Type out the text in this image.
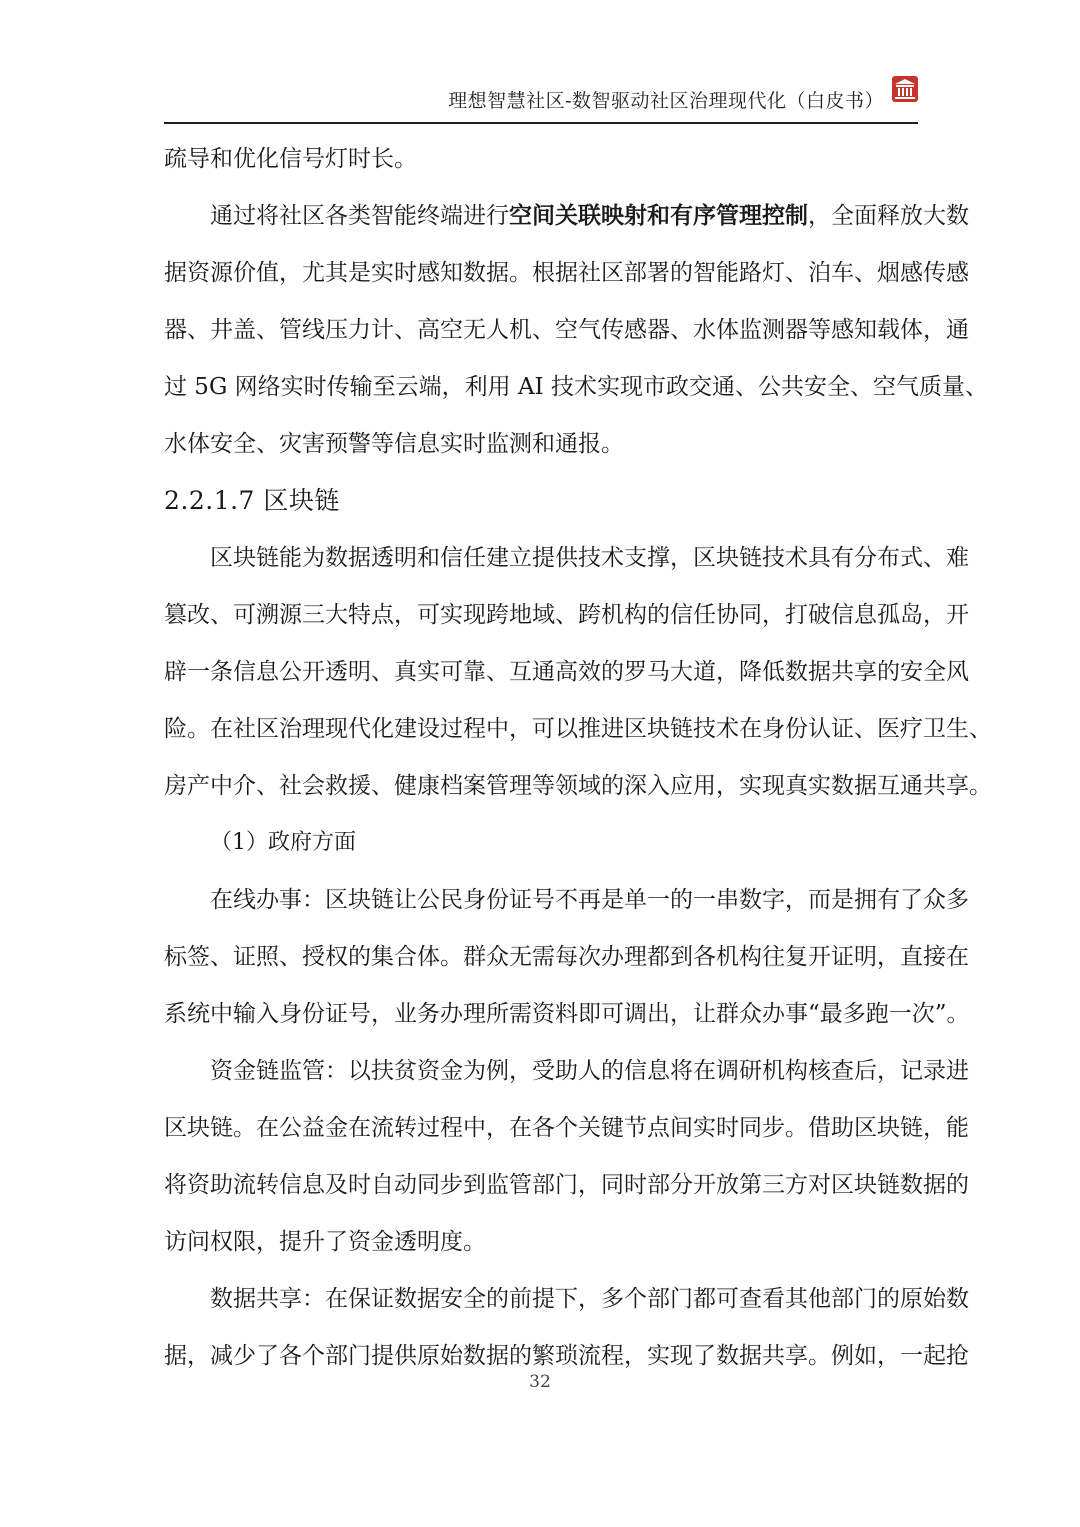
理想智慧社区-数智驱动社区治理现代化（白皮书）
疏导和优化信号灯时长。
通过将社区各类智能终端进行空间关联映射和有序管理控制，全面释放大数
据资源价值，尤其是实时感知数据。根据社区部署的智能路灯、泊车、烟感传感
器、井盖、管线压力计、高空无人机、空气传感器、水体监测器等感知载体，通
过 5G 网络实时传输至云端，利用 AI 技术实现市政交通、公共安全、空气质量、
水体安全、灾害预警等信息实时监测和通报。
2.2.1.7 区块链
区块链能为数据透明和信任建立提供技术支撑，区块链技术具有分布式、难
篡改、可溯源三大特点，可实现跨地域、跨机构的信任协同，打破信息孤岛，开
辟一条信息公开透明、真实可靠、互通高效的罗马大道，降低数据共享的安全风
险。在社区治理现代化建设过程中，可以推进区块链技术在身份认证、医疗卫生、
房产中介、社会救援、健康档案管理等领域的深入应用，实现真实数据互通共享。
（1）政府方面
在线办事：区块链让公民身份证号不再是单一的一串数字，而是拥有了众多
标签、证照、授权的集合体。群众无需每次办理都到各机构往复开证明，直接在
系统中输入身份证号，业务办理所需资料即可调出，让群众办事“最多跑一次”。
资金链监管：以扶贫资金为例，受助人的信息将在调研机构核查后，记录进
区块链。在公益金在流转过程中，在各个关键节点间实时同步。借助区块链，能
将资助流转信息及时自动同步到监管部门，同时部分开放第三方对区块链数据的
访问权限，提升了资金透明度。
数据共享：在保证数据安全的前提下，多个部门都可查看其他部门的原始数
据，减少了各个部门提供原始数据的繁琐流程，实现了数据共享。例如，一起抢
32
